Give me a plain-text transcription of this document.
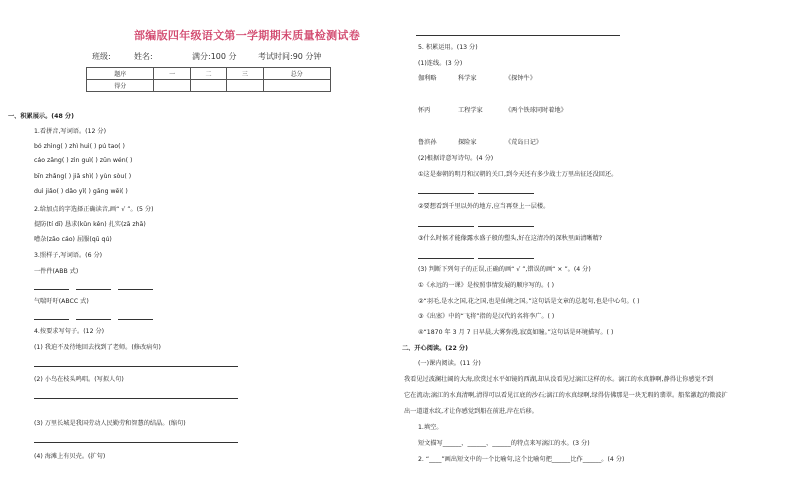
部编版四年级语文第一学期期末质量检测试卷
班级:	姓名:	满分:100 分	考试时间:90 分钟
题序	一	二	三	总分
得分				
一、积累展示。(48 分)
1.看拼音,写词语。(12 分)
bó zhìng( ) zhì huì( ) pú tao( )
cáo zāng( ) zìn guì( ) zūn wén( )
bīn zhǎng( ) jiǎ shì( ) yùn sòu( )
duì jiǎo( ) dǎo yǐ( ) gāng wēi( )
2.给加点的字选择正确读音,画“ √ ”。(5 分)
提防(tí dī) 恳求(kǔn kěn) 扎实(zā zhā)
嘈杂(zāo cáo) 屈服(qū qú)
3.照样子,写词语。(6 分)
一件件(ABB 式)
气喘吁吁(ABCC 式)
4.按要求写句子。(12 分)
(1) 我迫不及待地回去找到了老师。(修改病句)
(2) 小鸟在枝头鸣唱。(写拟人句)
(3) 万里长城是我国劳动人民勤劳和智慧的结晶。(缩句)
(4) 海滩上有贝壳。(扩句)
5. 积累运用。(13 分)
(1)连线。(3 分)
伽利略	科学家	《探钟牛》
怀丙	工程学家	《两个铁球同时着地》
鲁滨孙	探险家	《荒岛日记》
(2)根据诗意写诗句。(4 分)
①这是秦朝的明月和汉朝的关口,到今天还有多少战士万里出征还没回还。
②要想看到千里以外的地方,应当再登上一层楼。
③什么时候才能像露水盛子般的塑头,好在这清冷的深秋里面清晰精?
(3) 判断下列句子的正误,正确的画“ √ ”,错误的画“ × ”。(4 分)
①《永远的一课》是按照事情发展的顺序写的。( )
②“羽毛,是水之国,花之国,也是仙境之国。”这句话是文章的总起句,也是中心句。( )
③《出塞》中的“飞将”指的是汉代的名将李广。( )
④“1870 年 3 月 7 日早晨,大雾弥漫,寂寞如瞳。”这句话是环境描写。( )
二、开心阅读。(22 分)
(一)课内阅读。(11 分)
我看见过波澜壮阔的大海,欣赏过水平如镜的西湖,却从没看见过漓江这样的水。漓江的水真静啊,静得让你感觉不到
它在流动;漓江的水真清啊,清得可以看见江底的沙石;漓江的水真绿啊,绿得仿佛那是一块无瑕的翡翠。船桨激起的微波扩
出一道道水纹,才让你感觉到船在前进,岸在后移。
1.填空。
短文描写______、______、______的特点来写漓江的水。(3 分)
2. “____”画出短文中的一个比喻句,这个比喻句把______比作______。(4 分)
